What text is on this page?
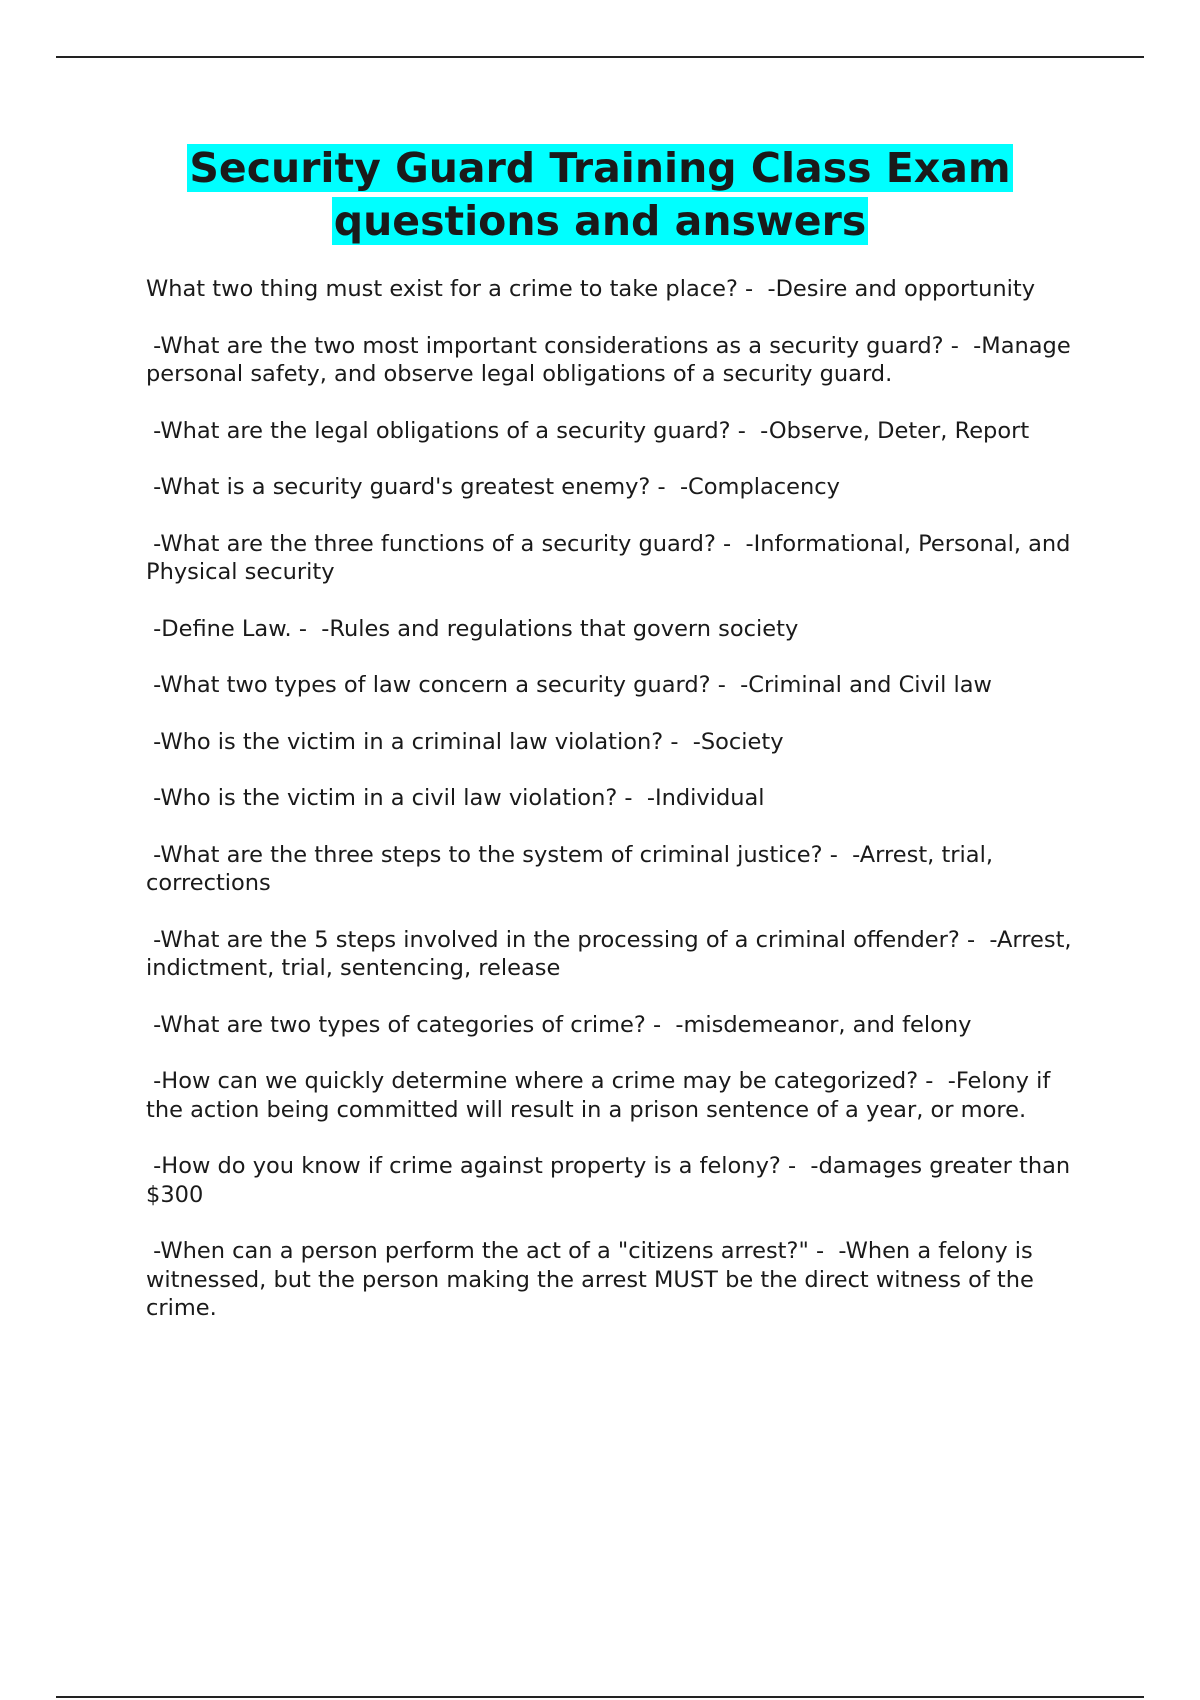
Security Guard Training Class Exam
questions and answers
What two thing must exist for a crime to take place? -  -Desire and opportunity
-What are the two most important considerations as a security guard? -  -Manage personal safety, and observe legal obligations of a security guard.
-What are the legal obligations of a security guard? -  -Observe, Deter, Report
-What is a security guard's greatest enemy? -  -Complacency
-What are the three functions of a security guard? -  -Informational, Personal, and Physical security
-Define Law. -  -Rules and regulations that govern society
-What two types of law concern a security guard? -  -Criminal and Civil law
-Who is the victim in a criminal law violation? -  -Society
-Who is the victim in a civil law violation? -  -Individual
-What are the three steps to the system of criminal justice? -  -Arrest, trial, corrections
-What are the 5 steps involved in the processing of a criminal offender? -  -Arrest, indictment, trial, sentencing, release
-What are two types of categories of crime? -  -misdemeanor, and felony
-How can we quickly determine where a crime may be categorized? -  -Felony if the action being committed will result in a prison sentence of a year, or more.
-How do you know if crime against property is a felony? -  -damages greater than $300
-When can a person perform the act of a "citizens arrest?" -  -When a felony is witnessed, but the person making the arrest MUST be the direct witness of the crime.
